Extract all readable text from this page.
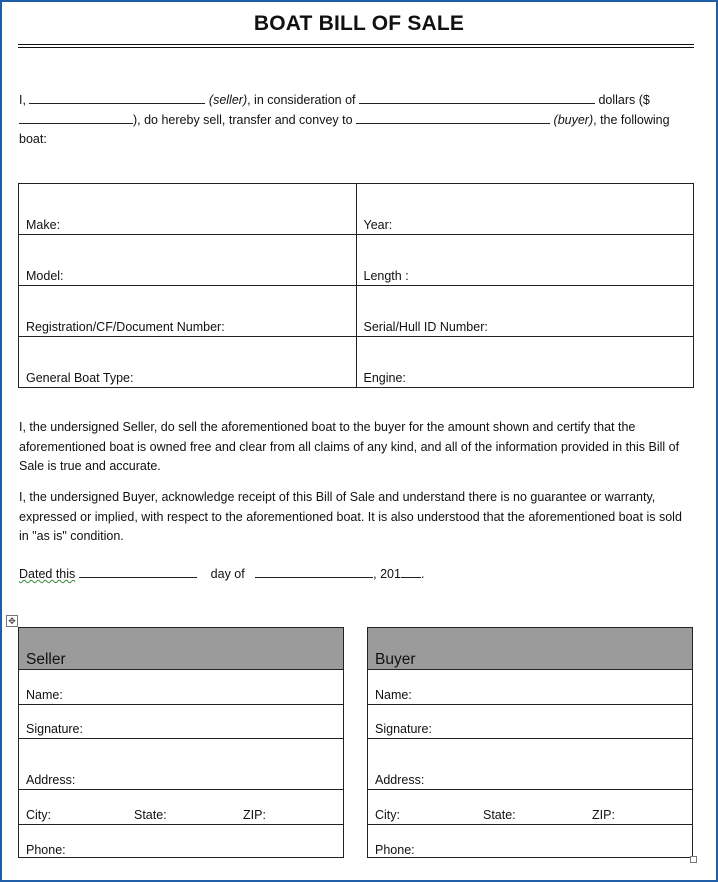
BOAT BILL OF SALE
I,	(seller), in consideration of	dollars ($
), do hereby sell, transfer and convey to	(buyer), the following
boat:
Make:	Year:
Model:	Length :
Registration/CF/Document Number:	Serial/Hull ID Number:
General Boat Type:	Engine:
I, the undersigned Seller, do sell the aforementioned boat to the buyer for the amount shown and certify that the aforementioned boat is owned free and clear from all claims of any kind, and all of the information provided in this Bill of Sale is true and accurate.
I, the undersigned Buyer, acknowledge receipt of this Bill of Sale and understand there is no guarantee or warranty, expressed or implied, with respect to the aforementioned boat. It is also understood that the aforementioned boat is sold in "as is" condition.
Dated this	day of	, 201 .
✥
Seller
Name:
Signature:
Address:
City:	State:	ZIP:
Phone:
Buyer
Name:
Signature:
Address:
City:	State:	ZIP:
Phone:
